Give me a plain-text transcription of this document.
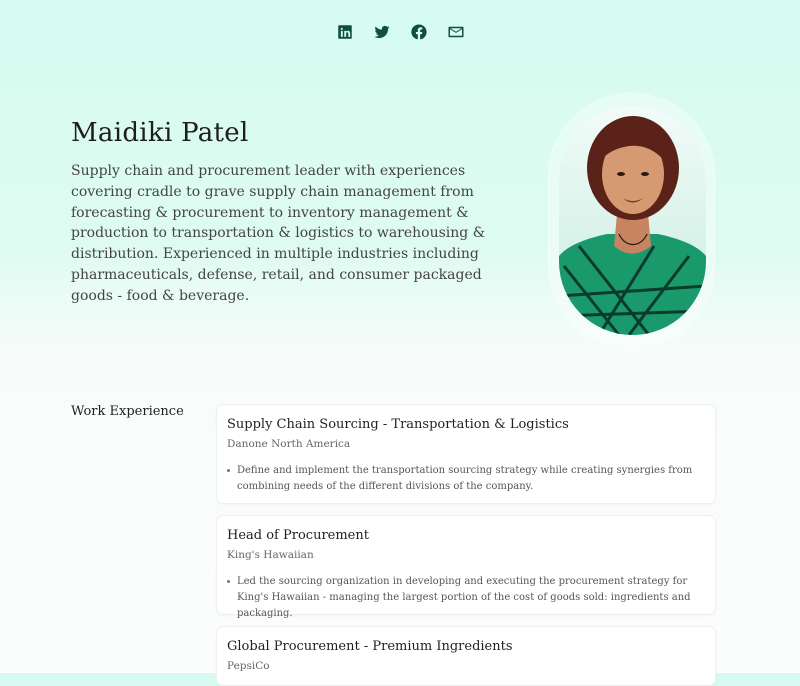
Maidiki Patel

Supply chain and procurement leader with experiences covering cradle to grave supply chain management from forecasting & procurement to inventory management & production to transportation & logistics to warehousing & distribution. Experienced in multiple industries including pharmaceuticals, defense, retail, and consumer packaged goods - food & beverage.

Work Experience
Supply Chain Sourcing - Transportation & Logistics

Danone North America

Define and implement the transportation sourcing strategy while creating synergies from combining needs of the different divisions of the company.
Head of Procurement

King's Hawaiian

Led the sourcing organization in developing and executing the procurement strategy for King's Hawaiian - managing the largest portion of the cost of goods sold: ingredients and packaging.
Global Procurement - Premium Ingredients

PepsiCo
